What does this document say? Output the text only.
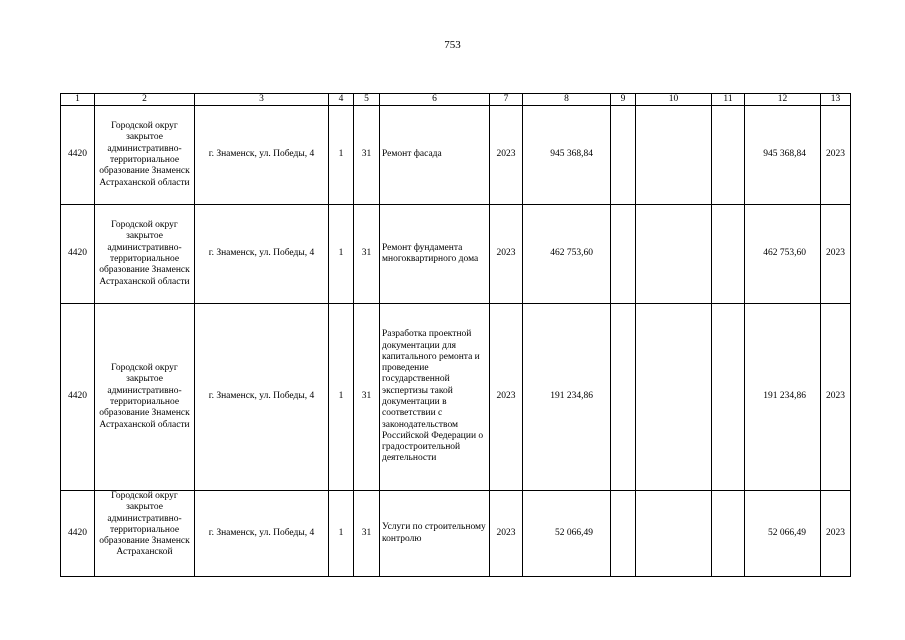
753
1	2	3	4	5	6	7	8	9	10	11	12	13
4420	Городской округ закрытое административно-территориальное образование Знаменск Астраханской области	г. Знаменск, ул. Победы, 4	1	31	Ремонт фасада	2023	945 368,84				945 368,84	2023
4420	Городской округ закрытое административно-территориальное образование Знаменск Астраханской области	г. Знаменск, ул. Победы, 4	1	31	Ремонт фундамента многоквартирного дома	2023	462 753,60				462 753,60	2023
4420	Городской округ закрытое административно-территориальное образование Знаменск Астраханской области	г. Знаменск, ул. Победы, 4	1	31	Разработка проектной документации для капитального ремонта и проведение государственной экспертизы такой документации в соответствии с законодательством Российской Федерации о градостроительной деятельности	2023	191 234,86				191 234,86	2023
4420	Городской округ закрытое административно-территориальное образование Знаменск Астраханской	г. Знаменск, ул. Победы, 4	1	31	Услуги по строительному контролю	2023	52 066,49				52 066,49	2023
